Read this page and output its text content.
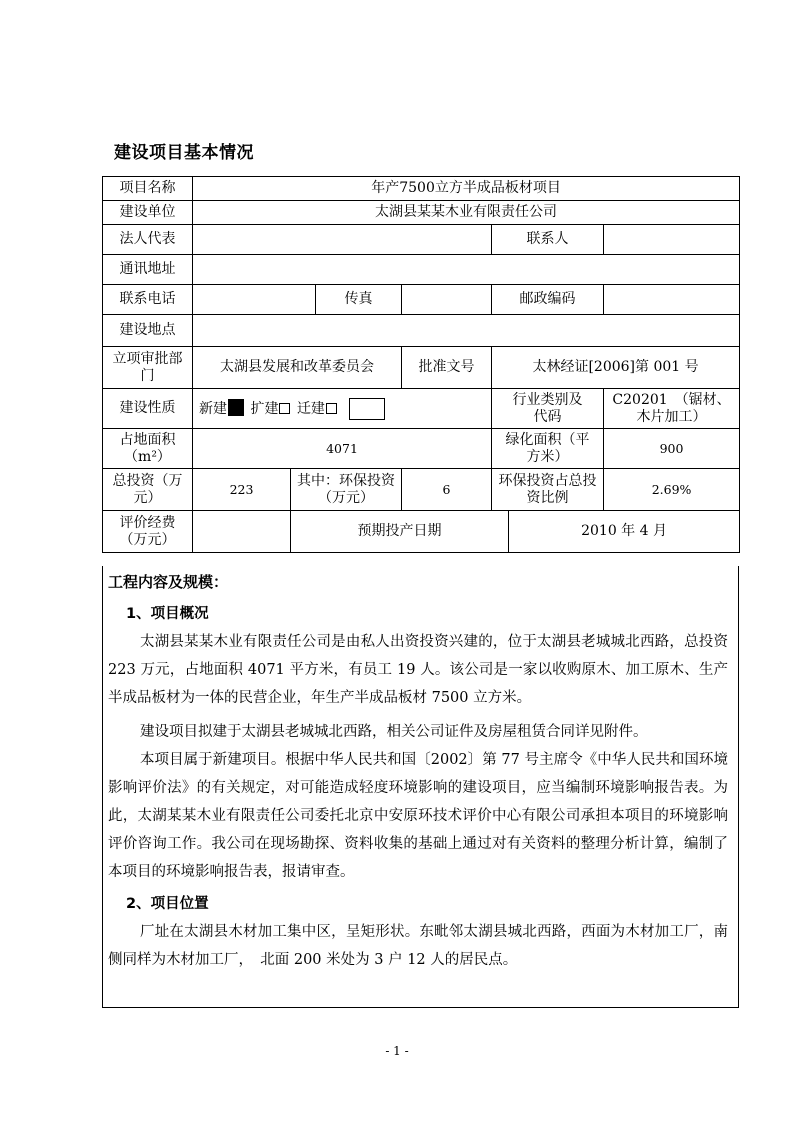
建设项目基本情况
项目名称	年产7500立方半成品板材项目						
建设单位	太湖县某某木业有限责任公司						
法人代表					联系人		
通讯地址							
联系电话			传真		邮政编码		
建设地点							
立项审批部门	太湖县发展和改革委员会			批准文号	太林经证[2006]第 001 号		
建设性质	新建 扩建 迁建				行业类别及代码		C20201　（锯材、木片加工）
占地面积（m²）	4071				绿化面积（平方米）		900
总投资（万元）	223	其中：环保投资（万元）		6	环保投资占总投资比例		2.69%
评价经费（万元）		预期投产日期				2010 年 4 月	
工程内容及规模：
1、项目概况

太湖县某某木业有限责任公司是由私人出资投资兴建的，位于太湖县老城城北西路，总投资 223 万元，占地面积 4071 平方米，有员工 19 人。该公司是一家以收购原木、加工原木、生产半成品板材为一体的民营企业，年生产半成品板材 7500 立方米。

建设项目拟建于太湖县老城城北西路，相关公司证件及房屋租赁合同详见附件。

本项目属于新建项目。根据中华人民共和国〔2002〕第 77 号主席令《中华人民共和国环境影响评价法》的有关规定，对可能造成轻度环境影响的建设项目，应当编制环境影响报告表。为此，太湖某某木业有限责任公司委托北京中安原环技术评价中心有限公司承担本项目的环境影响评价咨询工作。我公司在现场勘探、资料收集的基础上通过对有关资料的整理分析计算，编制了本项目的环境影响报告表，报请审查。

2、项目位置

厂址在太湖县木材加工集中区，呈矩形状。东毗邻太湖县城北西路，西面为木材加工厂，南侧同样为木材加工厂，　北面 200 米处为 3 户 12 人的居民点。

- 1 -
